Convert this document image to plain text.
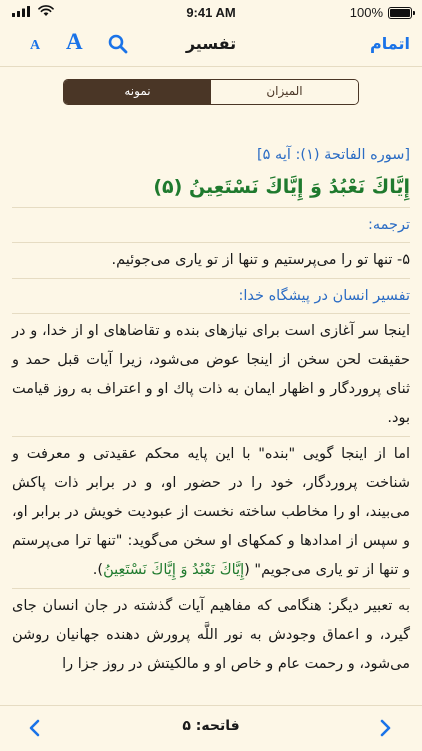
9:41 AM	100%
A A	تفسیر	اتمام
نمونه	الميزان
[سوره الفاتحة (۱): آیه ۵]
إِيَّاكَ نَعْبُدُ وَ إِيَّاكَ نَسْتَعِينُ (۵)
ترجمه:
۵- تنها تو را می‌پرستیم و تنها از تو یاری می‌جوئیم.
تفسیر انسان در پیشگاه خدا:
اینجا سر آغازی است برای نیازهای بنده و تقاضاهای او از خدا، و در حقیقت لحن سخن از اینجا عوض می‌شود، زیرا آیات قبل حمد و ثنای پروردگار و اظهار ایمان به ذات پاك او و اعتراف به روز قیامت بود.
اما از اینجا گویی "بنده" با این پایه محكم عقیدتی و معرفت و شناخت پروردگار، خود را در حضور او، و در برابر ذات پاكش می‌بیند، او را مخاطب ساخته نخست از عبودیت خویش در برابر او، و سپس از امدادها و كمكهای او سخن می‌گوید: "تنها ترا می‌پرستم و تنها از تو یاری می‌جویم" (إِيَّاكَ نَعْبُدُ وَ إِيَّاكَ نَسْتَعِينُ).
به تعبیر دیگر: هنگامی كه مفاهیم آیات گذشته در جان انسان جای گیرد، و اعماق وجودش به نور اللَّه پرورش دهنده جهانیان روشن می‌شود، و رحمت عام و خاص او و مالكیتش در روز جزا را
فاتحه: ۵
